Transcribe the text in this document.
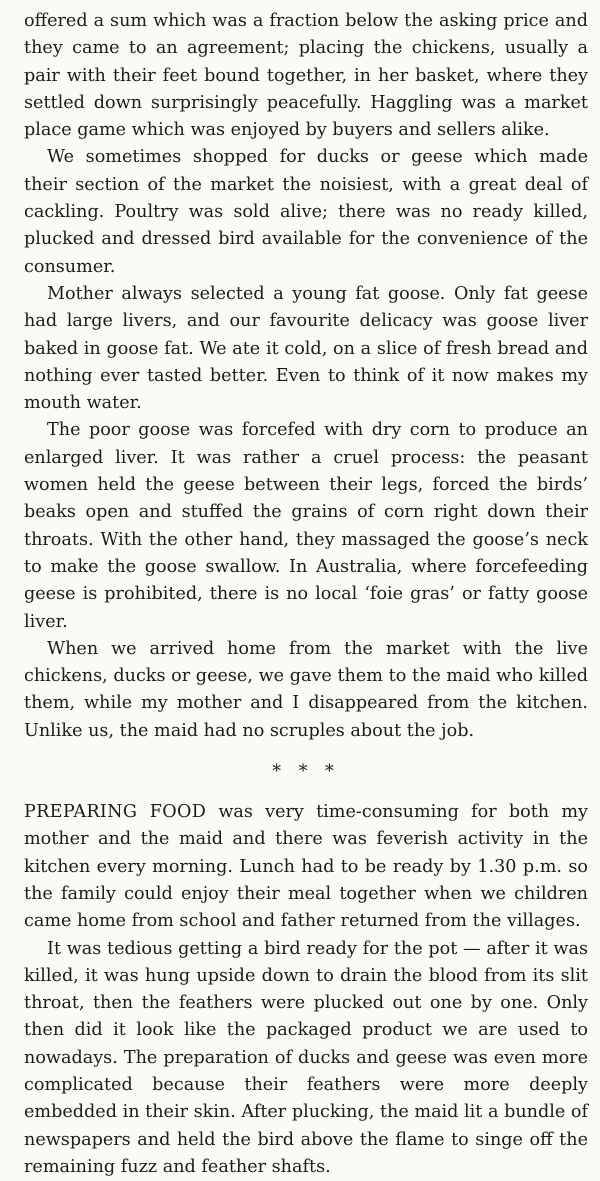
offered a sum which was a fraction below the asking price and they came to an agreement; placing the chickens, usually a pair with their feet bound together, in her basket, where they settled down surprisingly peacefully. Haggling was a market place game which was enjoyed by buyers and sellers alike.

We sometimes shopped for ducks or geese which made their section of the market the noisiest, with a great deal of cackling. Poultry was sold alive; there was no ready killed, plucked and dressed bird available for the convenience of the consumer.

Mother always selected a young fat goose. Only fat geese had large livers, and our favourite delicacy was goose liver baked in goose fat. We ate it cold, on a slice of fresh bread and nothing ever tasted better. Even to think of it now makes my mouth water.

The poor goose was forcefed with dry corn to produce an enlarged liver. It was rather a cruel process: the peasant women held the geese between their legs, forced the birds’ beaks open and stuffed the grains of corn right down their throats. With the other hand, they massaged the goose’s neck to make the goose swallow. In Australia, where forcefeeding geese is prohibited, there is no local ‘foie gras’ or fatty goose liver.

When we arrived home from the market with the live chickens, ducks or geese, we gave them to the maid who killed them, while my mother and I disappeared from the kitchen. Unlike us, the maid had no scruples about the job.

* * *

PREPARING FOOD was very time-consuming for both my mother and the maid and there was feverish activity in the kitchen every morning. Lunch had to be ready by 1.30 p.m. so the family could enjoy their meal together when we children came home from school and father returned from the villages.

It was tedious getting a bird ready for the pot — after it was killed, it was hung upside down to drain the blood from its slit throat, then the feathers were plucked out one by one. Only then did it look like the packaged product we are used to nowadays. The preparation of ducks and geese was even more complicated because their feathers were more deeply embedded in their skin. After plucking, the maid lit a bundle of newspapers and held the bird above the flame to singe off the remaining fuzz and feather shafts.
